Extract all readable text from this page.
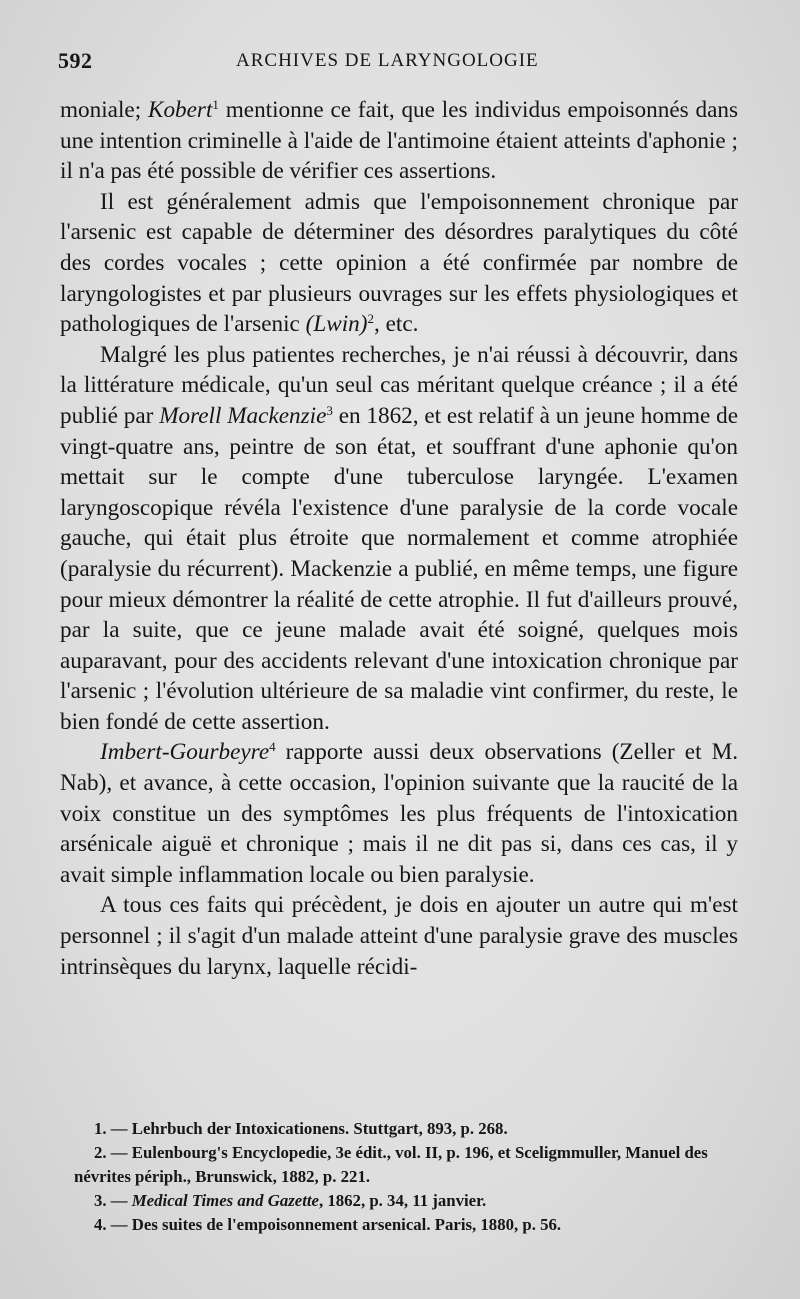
592	ARCHIVES DE LARYNGOLOGIE

moniale; Kobert$^1$ mentionne ce fait, que les individus empoisonnés dans une intention criminelle à l'aide de l'antimoine étaient atteints d'aphonie ; il n'a pas été possible de vérifier ces assertions.

Il est généralement admis que l'empoisonnement chronique par l'arsenic est capable de déterminer des désordres paralytiques du côté des cordes vocales ; cette opinion a été confirmée par nombre de laryngologistes et par plusieurs ouvrages sur les effets physiologiques et pathologiques de l'arsenic (Lwin)$^2$, etc.

Malgré les plus patientes recherches, je n'ai réussi à découvrir, dans la littérature médicale, qu'un seul cas méritant quelque créance ; il a été publié par Morell Mackenzie$^3$ en 1862, et est relatif à un jeune homme de vingt-quatre ans, peintre de son état, et souffrant d'une aphonie qu'on mettait sur le compte d'une tuberculose laryngée. L'examen laryngoscopique révéla l'existence d'une paralysie de la corde vocale gauche, qui était plus étroite que normalement et comme atrophiée (paralysie du récurrent). Mackenzie a publié, en même temps, une figure pour mieux démontrer la réalité de cette atrophie. Il fut d'ailleurs prouvé, par la suite, que ce jeune malade avait été soigné, quelques mois auparavant, pour des accidents relevant d'une intoxication chronique par l'arsenic ; l'évolution ultérieure de sa maladie vint confirmer, du reste, le bien fondé de cette assertion.

Imbert-Gourbeyre$^4$ rapporte aussi deux observations (Zeller et M. Nab), et avance, à cette occasion, l'opinion suivante que la raucité de la voix constitue un des symptômes les plus fréquents de l'intoxication arsénicale aiguë et chronique ; mais il ne dit pas si, dans ces cas, il y avait simple inflammation locale ou bien paralysie.

A tous ces faits qui précèdent, je dois en ajouter un autre qui m'est personnel ; il s'agit d'un malade atteint d'une paralysie grave des muscles intrinsèques du larynx, laquelle récidi-

1. — Lehrbuch der Intoxicationens. Stuttgart, 893, p. 268.

2. — Eulenbourg's Encyclopedie, 3e édit., vol. II, p. 196, et Sceligmmuller, Manuel des névrites périph., Brunswick, 1882, p. 221.

3. — Medical Times and Gazette, 1862, p. 34, 11 janvier.

4. — Des suites de l'empoisonnement arsenical. Paris, 1880, p. 56.
